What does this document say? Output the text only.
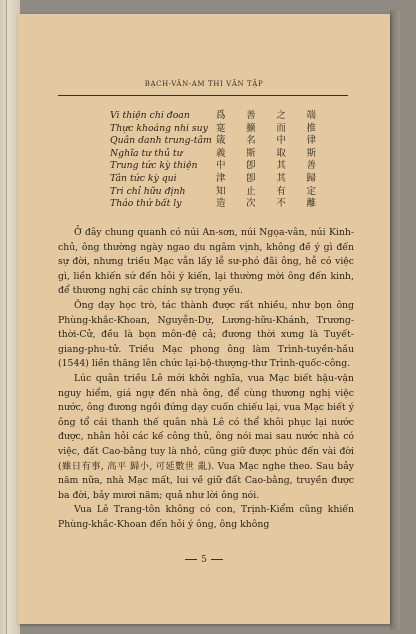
BẠCH-VÂN-AM THI VĂN TẬP
Vi thiện chi đoan	爲 善 之 端
Thực khoáng nhi suy 寔 擴 而 推
Quân danh trung-tâm 箴 名 中 律
Nghĩa tư thủ tư	義 斯 取 斯
Trung tức kỳ thiện 中 卽 其 善
Tân tức kỳ qui	津 卽 其 歸
Tri chỉ hữu định	知 止 有 定
Tháo thứ bất ly	造 次 不 離

Ở đây chung quanh có núi An-sơn, núi Ngọa-vân, núi Kinh-chủ, ông thường ngày ngao du ngâm vịnh, không đề ý gì đến sự đời, nhưng triều Mạc vẫn lấy lễ sư-phó đãi ông, hễ có việc gì, liền khiến sứ đến hỏi ý kiến, lại thường mời ông đến kinh, để thương nghị các chính sự trọng yếu.

Ông dạy học trò, tác thành được rất nhiều, như bọn ông Phùng-khắc-Khoan, Nguyễn-Dự, Lương-hữu-Khánh, Trương-thời-Cử, đều là bọn môn-đệ cả; đương thời xưng là Tuyết-giang-phu-tử. Triều Mạc phong ông làm Trình-tuyền-hầu (1544) liền thăng lên chức lại-bộ-thượng-thư Trình-quốc-công.

Lúc quân triều Lê mới khởi nghĩa, vua Mạc biết hậu-vận nguy hiểm, giá ngự đến nhà ông, để cùng thương nghị việc nước, ông đương ngồi đứng dạy cuốn chiếu lại, vua Mạc biết ý ông tổ cái thanh thế quân nhà Lê có thể khôi phục lại nước được, nhân hỏi các kế công thủ, ông nói mai sau nước nhà có việc, đất Cao-bằng tuy là nhỏ, cũng giữ được phúc đến vài đời (雖日有事, 高平 歸小, 可延數世 亂). Vua Mạc nghe theo. Sau bảy năm nữa, nhà Mạc mất, lui về giữ đất Cao-bằng, truyền được ba đời, bảy mươi năm; quả như lời ông nói.

Vua Lê Trang-tôn không có con, Trịnh-Kiểm cũng khiến Phùng-khắc-Khoan đến hỏi ý ông, ông không

5
